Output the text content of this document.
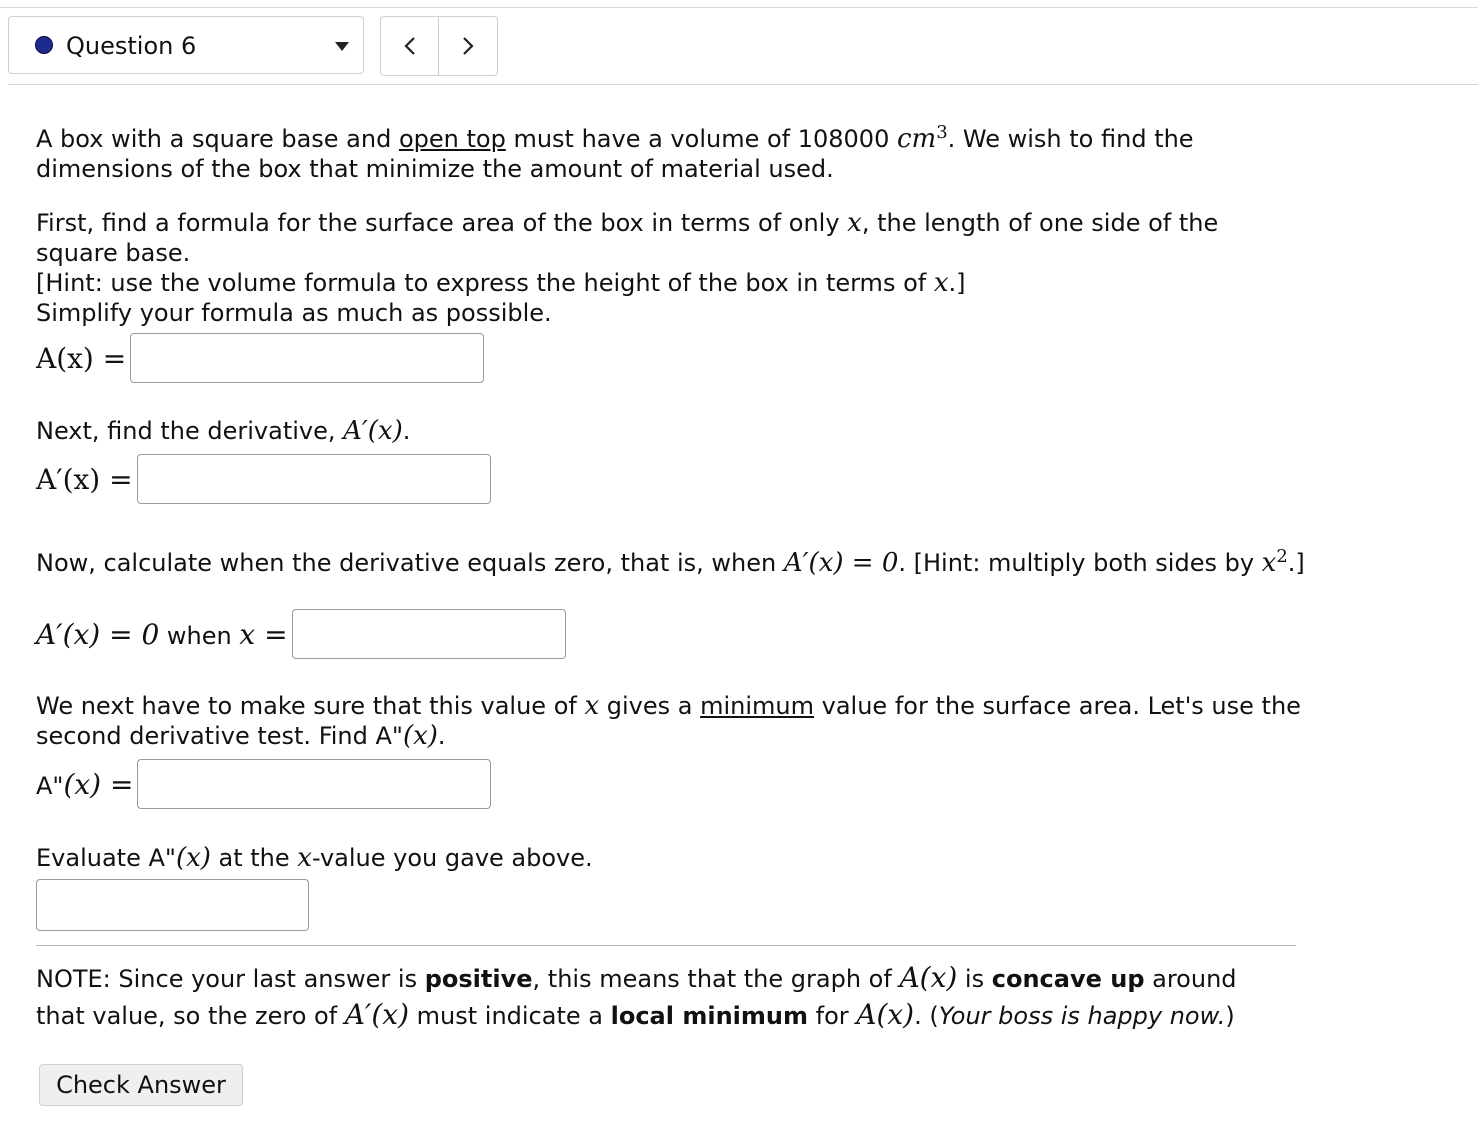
Question 6
A box with a square base and open top must have a volume of 108000 $cm^3$. We wish to find the dimensions of the box that minimize the amount of material used.
First, find a formula for the surface area of the box in terms of only x, the length of one side of the square base.
[Hint: use the volume formula to express the height of the box in terms of x.]
Simplify your formula as much as possible.
A(x) =
Next, find the derivative, A′(x).
A′(x) =
Now, calculate when the derivative equals zero, that is, when A′(x) = 0. [Hint: multiply both sides by $x^2$.]
A′(x) = 0 when x =
We next have to make sure that this value of x gives a minimum value for the surface area. Let's use the second derivative test. Find A"(x).
A"(x) =
Evaluate A"(x) at the x-value you gave above.
NOTE: Since your last answer is positive, this means that the graph of A(x) is concave up around that value, so the zero of A′(x) must indicate a local minimum for A(x). (Your boss is happy now.)
Check Answer
